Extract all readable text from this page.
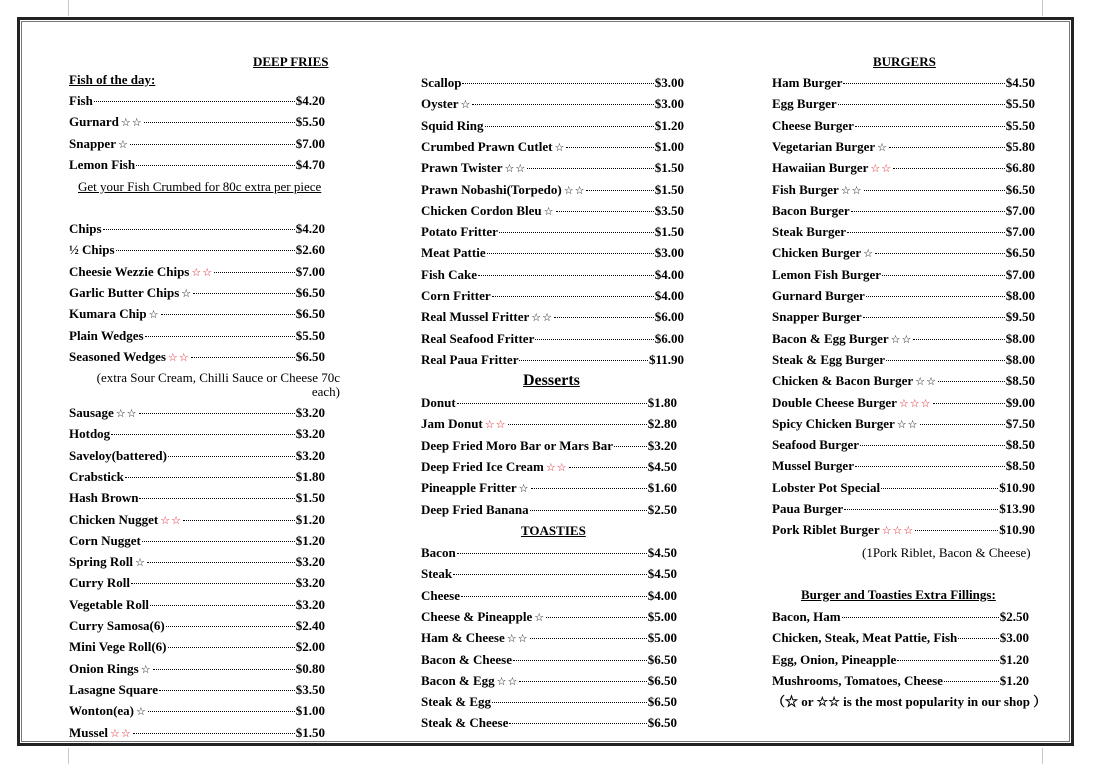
DEEP FRIES
Fish of the day:
Fish	$4.20
Gurnard ☆☆	$5.50
Snapper ☆	$7.00
Lemon Fish	$4.70
Get your Fish Crumbed for 80c extra per piece
Chips	$4.20
½ Chips	$2.60
Cheesie Wezzie Chips ☆☆	$7.00
Garlic Butter Chips ☆	$6.50
Kumara Chip ☆	$6.50
Plain Wedges	$5.50
Seasoned Wedges ☆☆	$6.50
(extra Sour Cream, Chilli Sauce or Cheese 70c each)
Sausage ☆☆	$3.20
Hotdog	$3.20
Saveloy(battered)	$3.20
Crabstick	$1.80
Hash Brown	$1.50
Chicken Nugget ☆☆	$1.20
Corn Nugget	$1.20
Spring Roll ☆	$3.20
Curry Roll	$3.20
Vegetable Roll	$3.20
Curry Samosa(6)	$2.40
Mini Vege Roll(6)	$2.00
Onion Rings ☆	$0.80
Lasagne Square	$3.50
Wonton(ea) ☆	$1.00
Mussel ☆☆	$1.50
Scallop	$3.00
Oyster ☆	$3.00
Squid Ring	$1.20
Crumbed Prawn Cutlet ☆	$1.00
Prawn Twister ☆☆	$1.50
Prawn Nobashi(Torpedo) ☆☆	$1.50
Chicken Cordon Bleu ☆	$3.50
Potato Fritter	$1.50
Meat Pattie	$3.00
Fish Cake	$4.00
Corn Fritter	$4.00
Real Mussel Fritter ☆☆	$6.00
Real Seafood Fritter	$6.00
Real Paua Fritter	$11.90
Desserts
Donut	$1.80
Jam Donut ☆☆	$2.80
Deep Fried Moro Bar or Mars Bar	$3.20
Deep Fried Ice Cream ☆☆	$4.50
Pineapple Fritter ☆	$1.60
Deep Fried Banana	$2.50
TOASTIES
Bacon	$4.50
Steak	$4.50
Cheese	$4.00
Cheese & Pineapple ☆	$5.00
Ham & Cheese ☆☆	$5.00
Bacon & Cheese	$6.50
Bacon & Egg ☆☆	$6.50
Steak & Egg	$6.50
Steak & Cheese	$6.50
BURGERS
Ham Burger	$4.50
Egg Burger	$5.50
Cheese Burger	$5.50
Vegetarian Burger ☆	$5.80
Hawaiian Burger ☆☆	$6.80
Fish Burger ☆☆	$6.50
Bacon Burger	$7.00
Steak Burger	$7.00
Chicken Burger ☆	$6.50
Lemon Fish Burger	$7.00
Gurnard Burger	$8.00
Snapper Burger	$9.50
Bacon & Egg Burger ☆☆	$8.00
Steak & Egg Burger	$8.00
Chicken & Bacon Burger ☆☆	$8.50
Double Cheese Burger ☆☆☆	$9.00
Spicy Chicken Burger ☆☆	$7.50
Seafood Burger	$8.50
Mussel Burger	$8.50
Lobster Pot Special	$10.90
Paua Burger	$13.90
Pork Riblet Burger ☆☆☆	$10.90
(1Pork Riblet, Bacon & Cheese)
Burger and Toasties Extra Fillings:
Bacon, Ham	$2.50
Chicken, Steak, Meat Pattie, Fish	$3.00
Egg, Onion, Pineapple	$1.20
Mushrooms, Tomatoes, Cheese	$1.20
（☆ or ☆☆ is the most popularity in our shop ）
